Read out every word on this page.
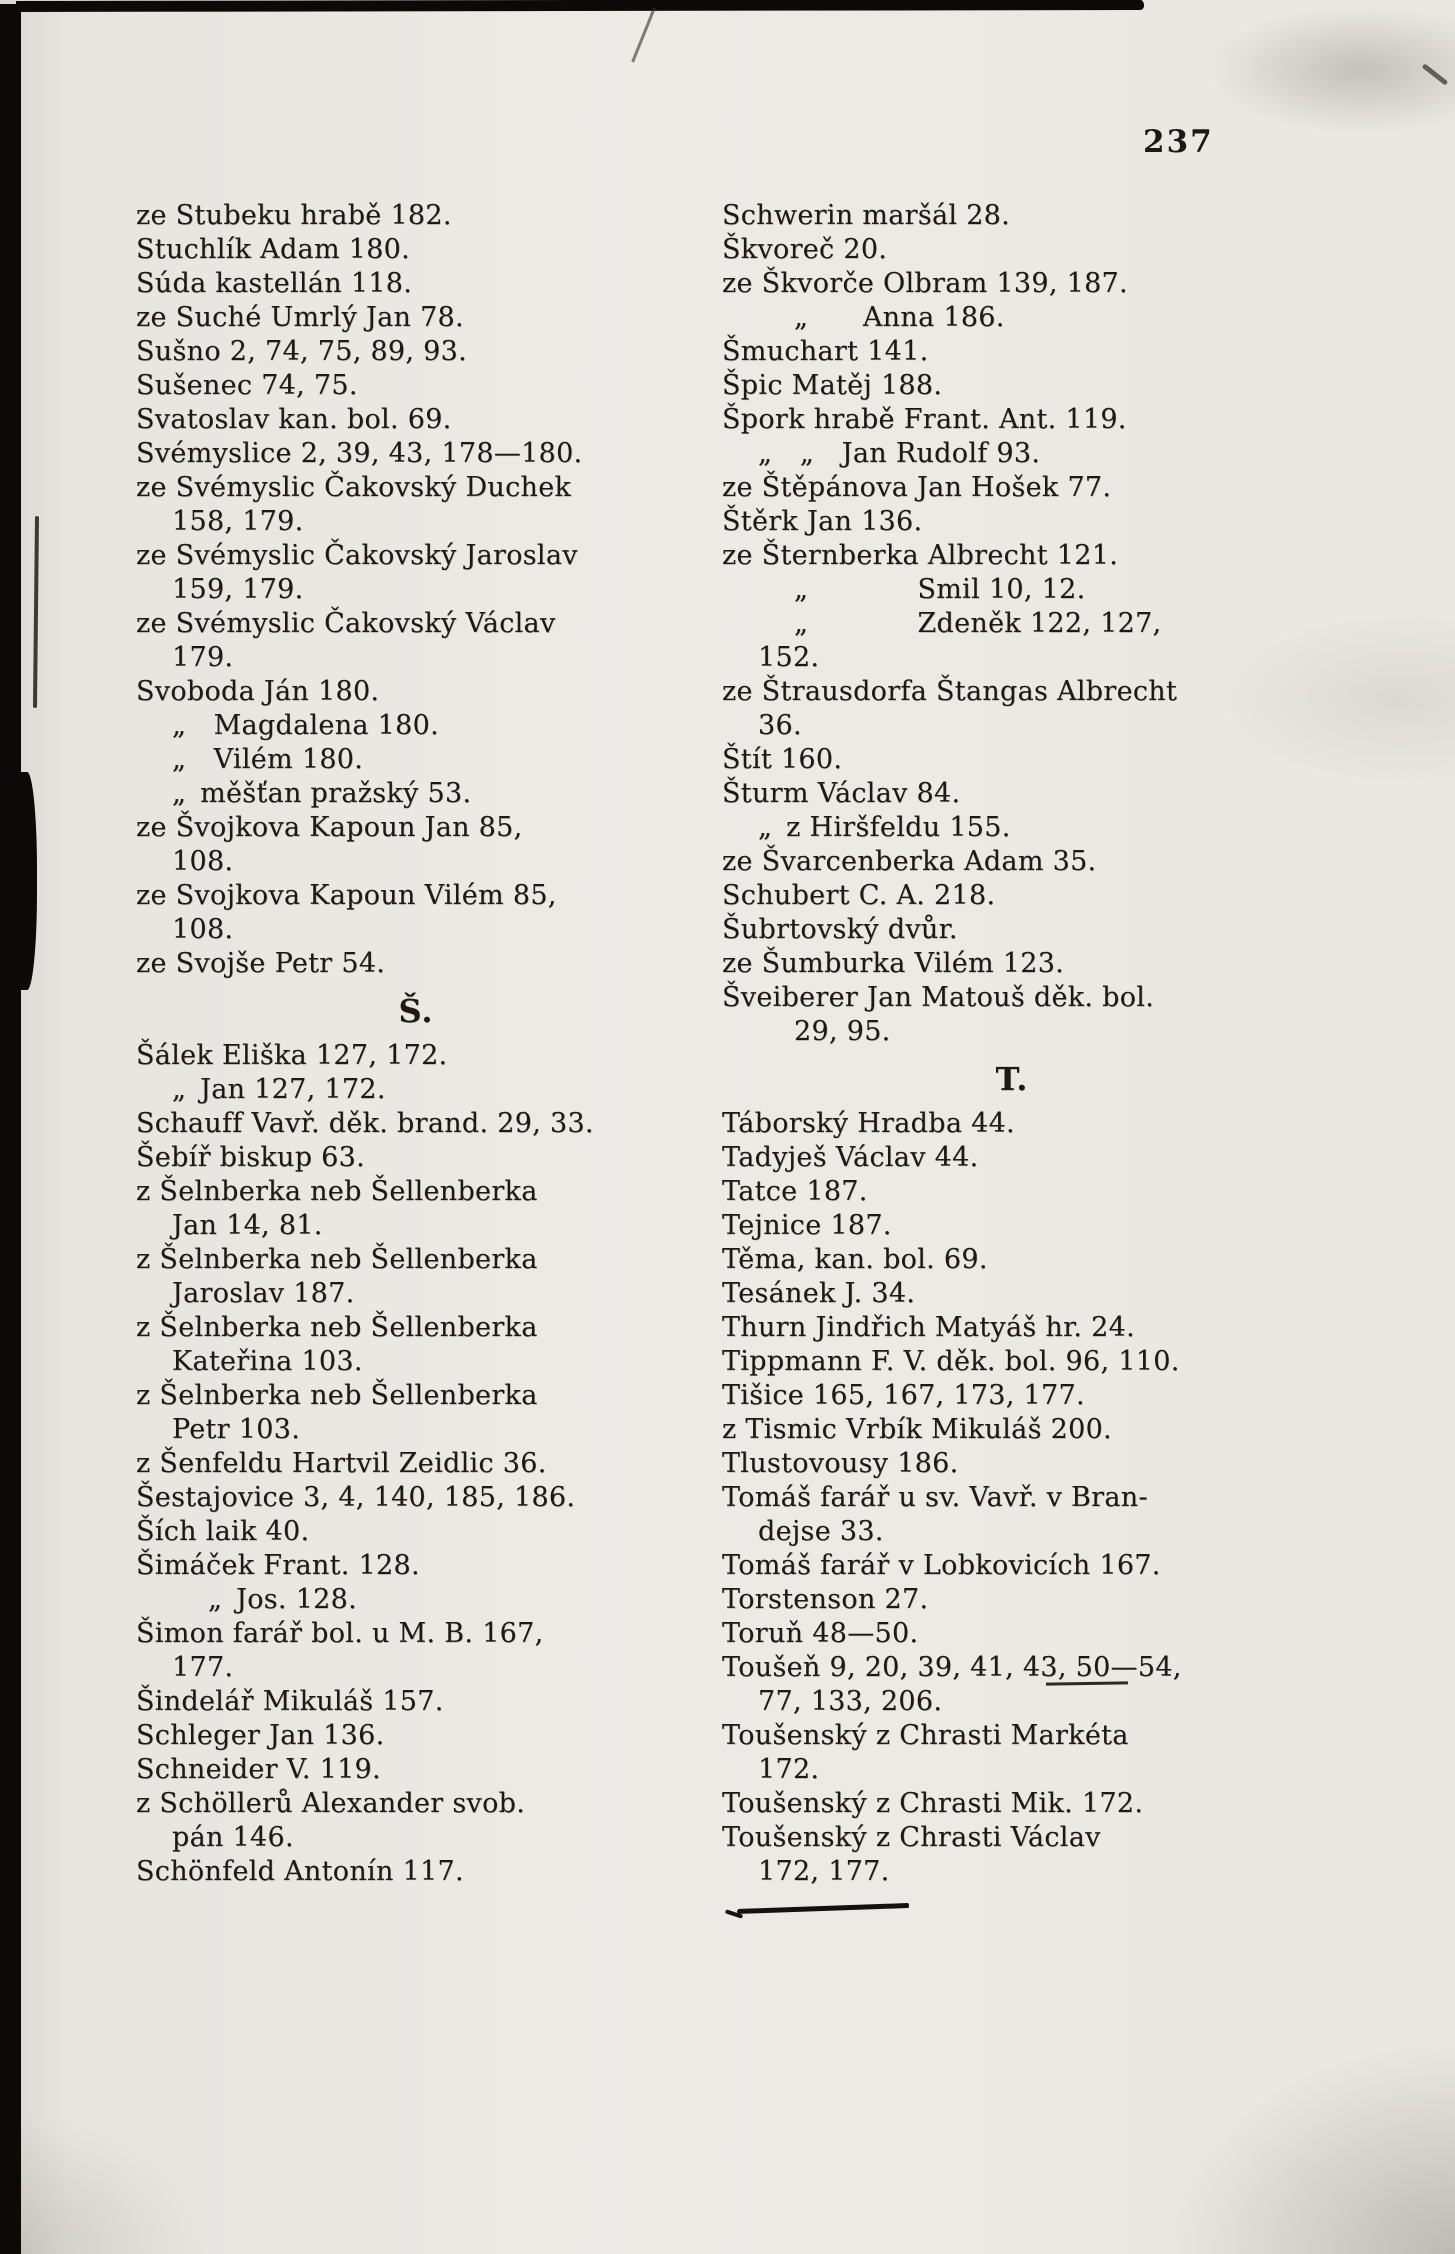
237
ze Stubeku hrabě 182.
Stuchlík Adam 180.
Súda kastellán 118.
ze Suché Umrlý Jan 78.
Sušno 2, 74, 75, 89, 93.
Sušenec 74, 75.
Svatoslav kan. bol. 69.
Svémyslice 2, 39, 43, 178—180.
ze Svémyslic Čakovský Duchek
158, 179.
ze Svémyslic Čakovský Jaroslav
159, 179.
ze Svémyslic Čakovský Václav
179.
Svoboda Ján 180.
„ Magdalena 180.
„ Vilém 180.
„ měšťan pražský 53.
ze Švojkova Kapoun Jan 85,
108.
ze Svojkova Kapoun Vilém 85,
108.
ze Svojše Petr 54.
Š.
Šálek Eliška 127, 172.
„ Jan 127, 172.
Schauff Vavř. děk. brand. 29, 33.
Šebíř biskup 63.
z Šelnberka neb Šellenberka
Jan 14, 81.
z Šelnberka neb Šellenberka
Jaroslav 187.
z Šelnberka neb Šellenberka
Kateřina 103.
z Šelnberka neb Šellenberka
Petr 103.
z Šenfeldu Hartvil Zeidlic 36.
Šestajovice 3, 4, 140, 185, 186.
Ších laik 40.
Šimáček Frant. 128.
„ Jos. 128.
Šimon farář bol. u M. B. 167,
177.
Šindelář Mikuláš 157.
Schleger Jan 136.
Schneider V. 119.
z Schöllerů Alexander svob.
pán 146.
Schönfeld Antonín 117.
Schwerin maršál 28.
Škvoreč 20.
ze Škvorče Olbram 139, 187.
„  Anna 186.
Šmuchart 141.
Špic Matěj 188.
Špork hrabě Frant. Ant. 119.
„  „  Jan Rudolf 93.
ze Štěpánova Jan Hošek 77.
Štěrk Jan 136.
ze Šternberka Albrecht 121.
„    Smil 10, 12.
„    Zdeněk 122, 127,
152.
ze Štrausdorfa Štangas Albrecht
36.
Štít 160.
Šturm Václav 84.
„ z Hiršfeldu 155.
ze Švarcenberka Adam 35.
Schubert C. A. 218.
Šubrtovský dvůr.
ze Šumburka Vilém 123.
Šveiberer Jan Matouš děk. bol.
29, 95.
T.
Táborský Hradba 44.
Tadyješ Václav 44.
Tatce 187.
Tejnice 187.
Těma, kan. bol. 69.
Tesánek J. 34.
Thurn Jindřich Matyáš hr. 24.
Tippmann F. V. děk. bol. 96, 110.
Tišice 165, 167, 173, 177.
z Tismic Vrbík Mikuláš 200.
Tlustovousy 186.
Tomáš farář u sv. Vavř. v Bran-
dejse 33.
Tomáš farář v Lobkovicích 167.
Torstenson 27.
Toruň 48—50.
Toušeň 9, 20, 39, 41, 43, 50—54,
77, 133, 206.
Toušenský z Chrasti Markéta
172.
Toušenský z Chrasti Mik. 172.
Toušenský z Chrasti Václav
172, 177.
